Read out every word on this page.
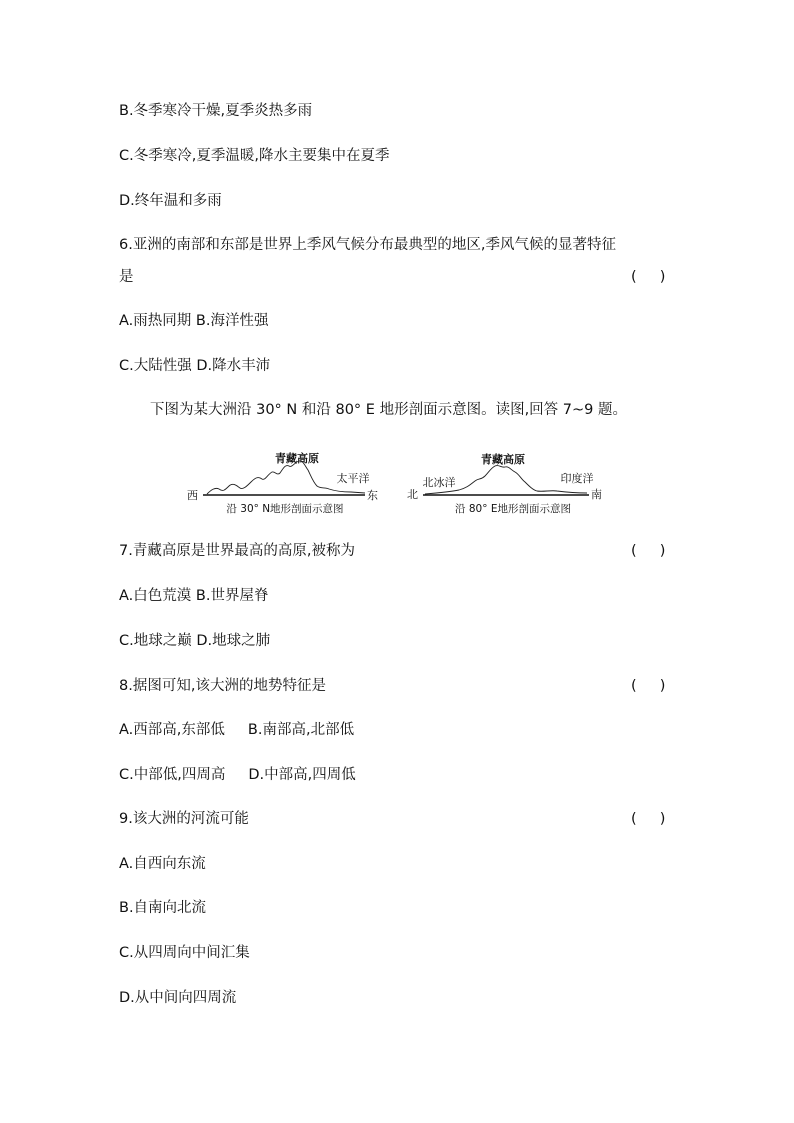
B.冬季寒冷干燥,夏季炎热多雨
C.冬季寒冷,夏季温暖,降水主要集中在夏季
D.终年温和多雨
6.亚洲的南部和东部是世界上季风气候分布最典型的地区,季风气候的显著特征
是	(     )
A.雨热同期 B.海洋性强
C.大陆性强 D.降水丰沛
下图为某大洲沿 30° N 和沿 80° E 地形剖面示意图。读图,回答 7~9 题。
青藏高原
太平洋
西	东
沿 30° N地形剖面示意图
青藏高原
北冰洋	印度洋
北	南
沿 80° E地形剖面示意图
7.青藏高原是世界最高的高原,被称为	(     )
A.白色荒漠 B.世界屋脊
C.地球之巅 D.地球之肺
8.据图可知,该大洲的地势特征是	(     )
A.西部高,东部低     B.南部高,北部低
C.中部低,四周高     D.中部高,四周低
9.该大洲的河流可能	(     )
A.自西向东流
B.自南向北流
C.从四周向中间汇集
D.从中间向四周流
